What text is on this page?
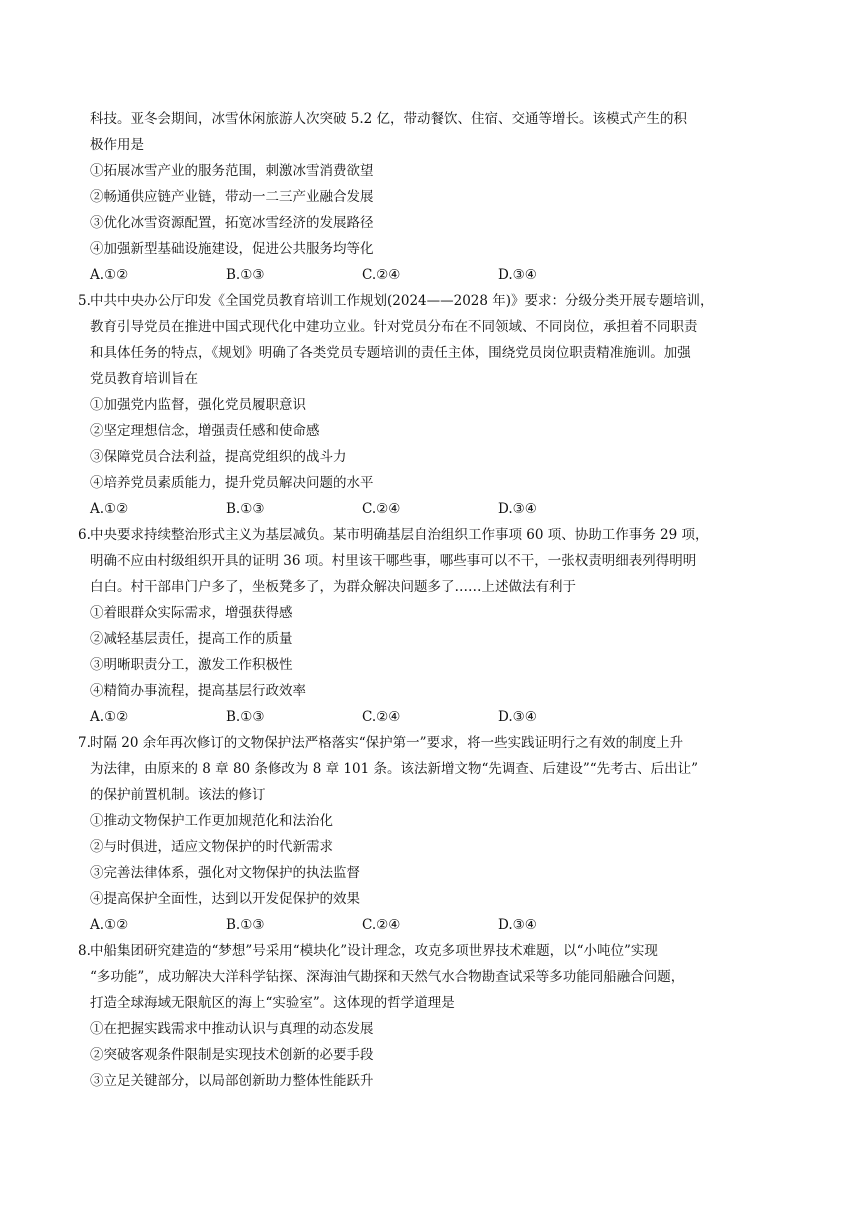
科技。亚冬会期间，冰雪休闲旅游人次突破 5.2 亿，带动餐饮、住宿、交通等增长。该模式产生的积
极作用是
①拓展冰雪产业的服务范围，刺激冰雪消费欲望
②畅通供应链产业链，带动一二三产业融合发展
③优化冰雪资源配置，拓宽冰雪经济的发展路径
④加强新型基础设施建设，促进公共服务均等化
A.①②	B.①③	C.②④	D.③④
5. 中共中央办公厅印发《全国党员教育培训工作规划(2024——2028 年)》要求：分级分类开展专题培训，
教育引导党员在推进中国式现代化中建功立业。针对党员分布在不同领域、不同岗位，承担着不同职责
和具体任务的特点，《规划》明确了各类党员专题培训的责任主体，围绕党员岗位职责精准施训。加强
党员教育培训旨在
①加强党内监督，强化党员履职意识
②坚定理想信念，增强责任感和使命感
③保障党员合法利益，提高党组织的战斗力
④培养党员素质能力，提升党员解决问题的水平
A.①②	B.①③	C.②④	D.③④
6. 中央要求持续整治形式主义为基层减负。某市明确基层自治组织工作事项 60 项、协助工作事务 29 项，
明确不应由村级组织开具的证明 36 项。村里该干哪些事，哪些事可以不干，一张权责明细表列得明明
白白。村干部串门户多了，坐板凳多了，为群众解决问题多了……上述做法有利于
①着眼群众实际需求，增强获得感
②减轻基层责任，提高工作的质量
③明晰职责分工，激发工作积极性
④精简办事流程，提高基层行政效率
A.①②	B.①③	C.②④	D.③④
7. 时隔 20 余年再次修订的文物保护法严格落实“保护第一”要求，将一些实践证明行之有效的制度上升
为法律，由原来的 8 章 80 条修改为 8 章 101 条。该法新增文物“先调查、后建设”“先考古、后出让”
的保护前置机制。该法的修订
①推动文物保护工作更加规范化和法治化
②与时俱进，适应文物保护的时代新需求
③完善法律体系，强化对文物保护的执法监督
④提高保护全面性，达到以开发促保护的效果
A.①②	B.①③	C.②④	D.③④
8. 中船集团研究建造的“梦想”号采用“模块化”设计理念，攻克多项世界技术难题，以“小吨位”实现
“多功能”，成功解决大洋科学钻探、深海油气勘探和天然气水合物勘查试采等多功能同船融合问题，
打造全球海域无限航区的海上“实验室”。这体现的哲学道理是
①在把握实践需求中推动认识与真理的动态发展
②突破客观条件限制是实现技术创新的必要手段
③立足关键部分，以局部创新助力整体性能跃升
